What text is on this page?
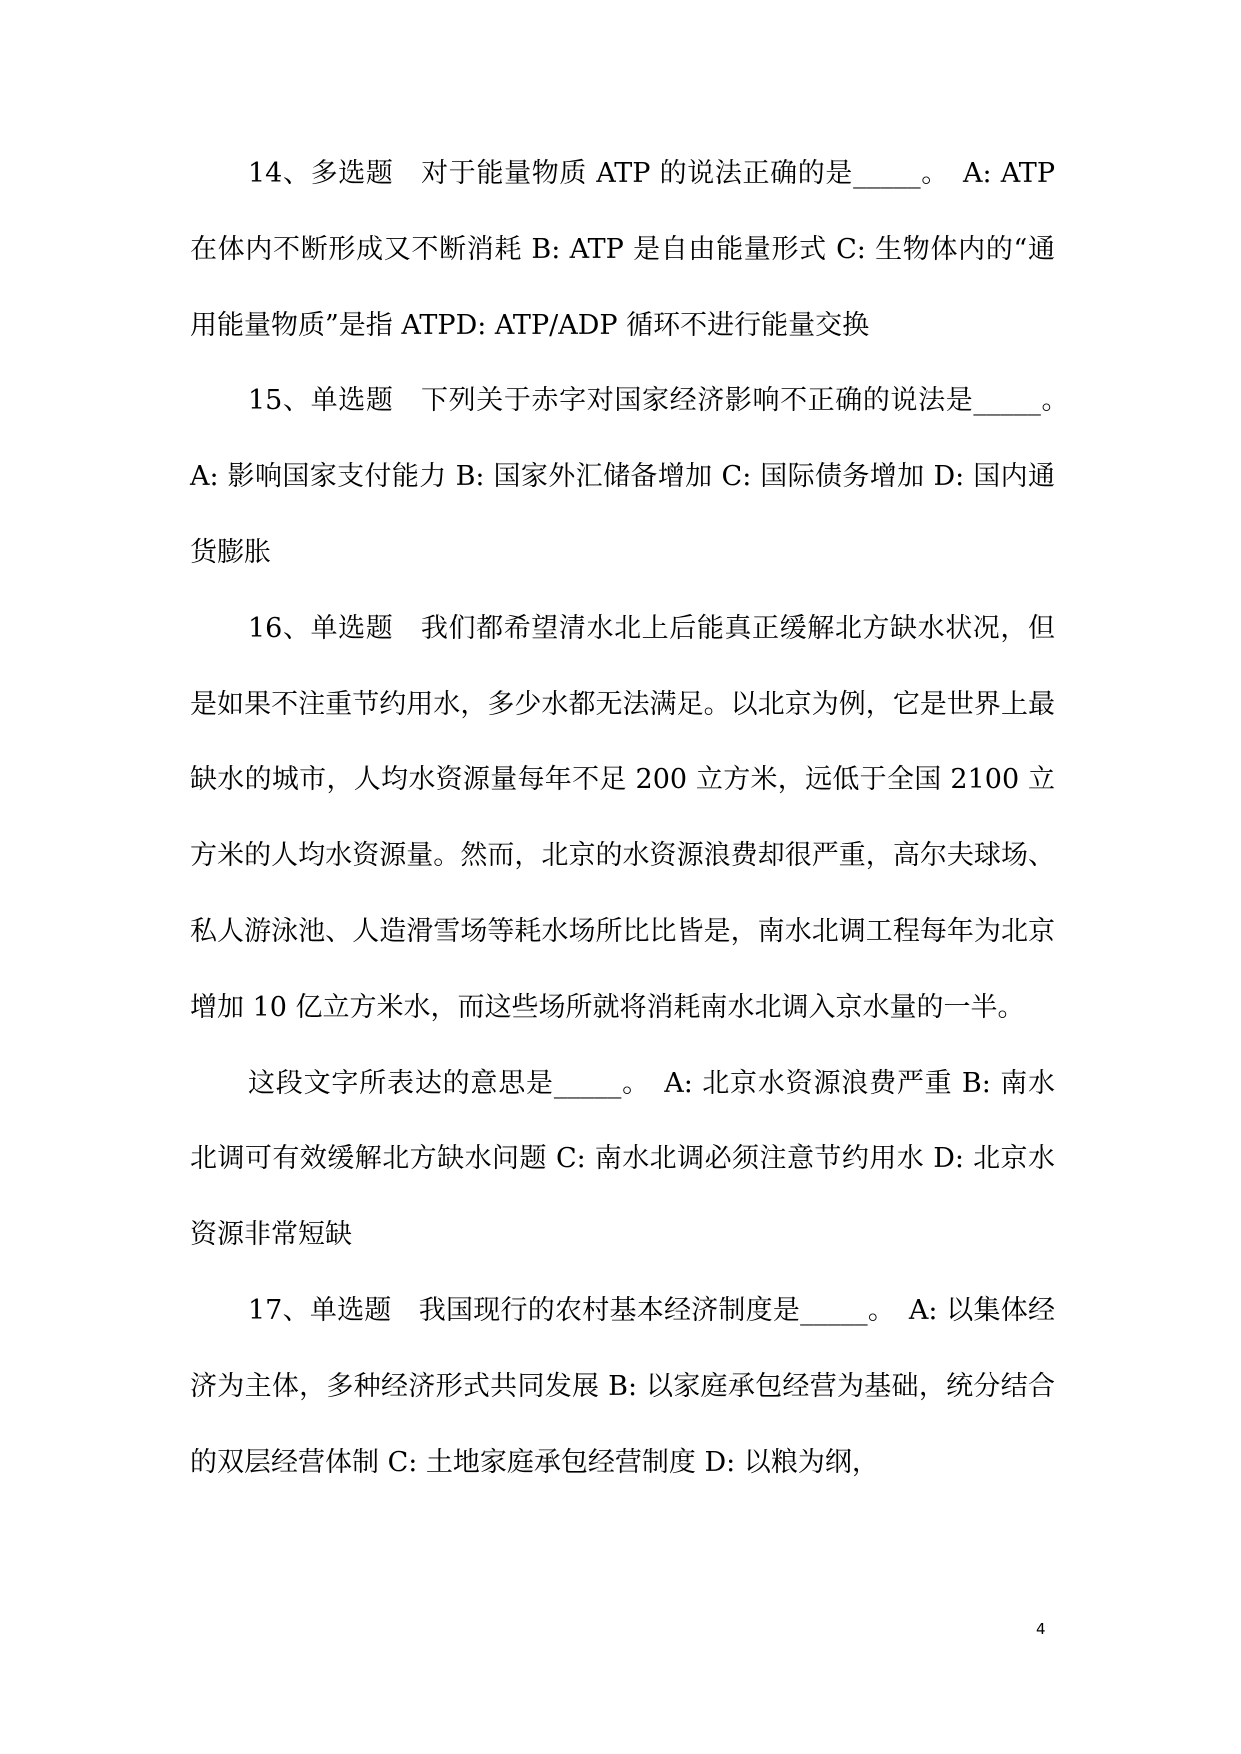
14、多选题　对于能量物质 ATP 的说法正确的是_____。　A: ATP 在体内不断形成又不断消耗 B: ATP 是自由能量形式 C: 生物体内的“通用能量物质”是指 ATPD: ATP/ADP 循环不进行能量交换

15、单选题　下列关于赤字对国家经济影响不正确的说法是_____。　A: 影响国家支付能力 B: 国家外汇储备增加 C: 国际债务增加 D: 国内通货膨胀

16、单选题　我们都希望清水北上后能真正缓解北方缺水状况，但是如果不注重节约用水，多少水都无法满足。以北京为例，它是世界上最缺水的城市，人均水资源量每年不足 200 立方米，远低于全国 2100 立方米的人均水资源量。然而，北京的水资源浪费却很严重，高尔夫球场、私人游泳池、人造滑雪场等耗水场所比比皆是，南水北调工程每年为北京增加 10 亿立方米水，而这些场所就将消耗南水北调入京水量的一半。

这段文字所表达的意思是_____。　A: 北京水资源浪费严重 B: 南水北调可有效缓解北方缺水问题 C: 南水北调必须注意节约用水 D: 北京水资源非常短缺

17、单选题　我国现行的农村基本经济制度是_____。　A: 以集体经济为主体，多种经济形式共同发展 B: 以家庭承包经营为基础，统分结合的双层经营体制 C: 土地家庭承包经营制度 D: 以粮为纲，

4
